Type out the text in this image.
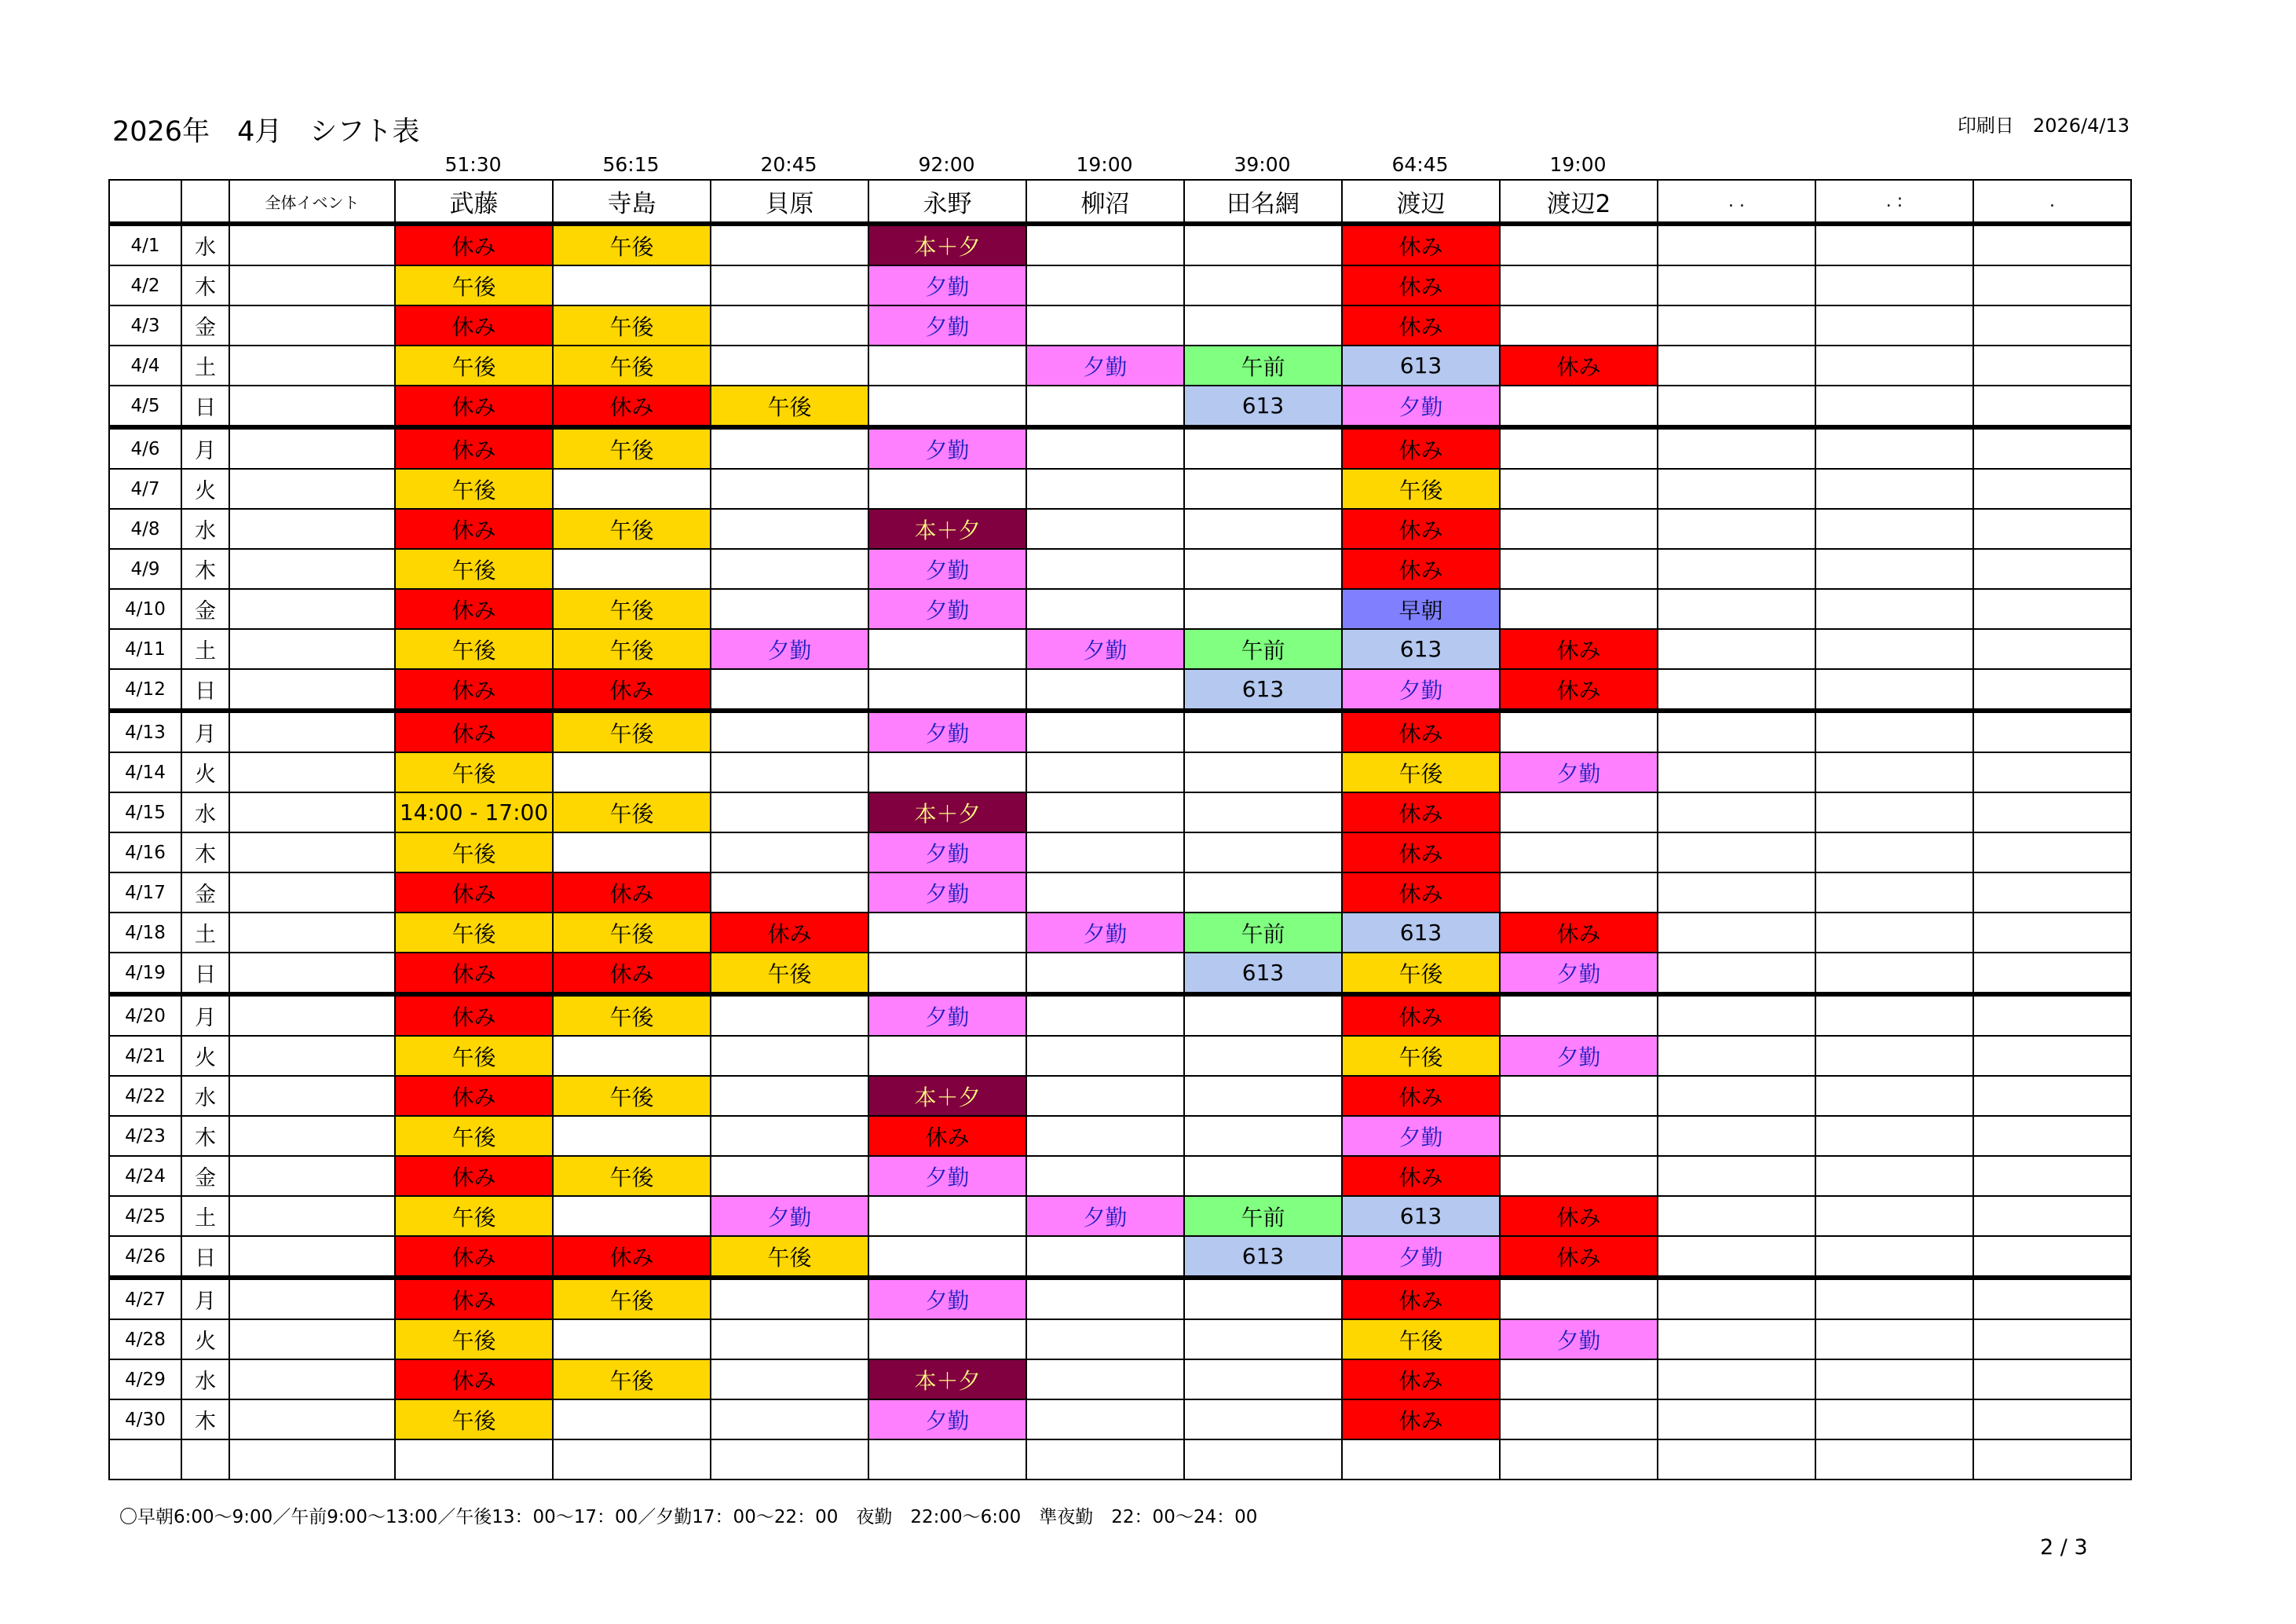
2026年　4月　シフト表	印刷日　2026/4/13
51:30	56:15	20:45	92:00	19:00	39:00	64:45	19:00
		全体イベント	武藤	寺島	貝原	永野	柳沼	田名網	渡辺	渡辺2	. .	. :	.
4/1	水		休み	午後		本＋夕			休み				
4/2	木		午後			夕勤			休み				
4/3	金		休み	午後		夕勤			休み				
4/4	土		午後	午後			夕勤	午前	613	休み			
4/5	日		休み	休み	午後			613	夕勤				
4/6	月		休み	午後		夕勤			休み				
4/7	火		午後						午後				
4/8	水		休み	午後		本＋夕			休み				
4/9	木		午後			夕勤			休み				
4/10	金		休み	午後		夕勤			早朝				
4/11	土		午後	午後	夕勤		夕勤	午前	613	休み			
4/12	日		休み	休み				613	夕勤	休み			
4/13	月		休み	午後		夕勤			休み				
4/14	火		午後						午後	夕勤			
4/15	水		14:00 - 17:00	午後		本＋夕			休み				
4/16	木		午後			夕勤			休み				
4/17	金		休み	休み		夕勤			休み				
4/18	土		午後	午後	休み		夕勤	午前	613	休み			
4/19	日		休み	休み	午後			613	午後	夕勤			
4/20	月		休み	午後		夕勤			休み				
4/21	火		午後						午後	夕勤			
4/22	水		休み	午後		本＋夕			休み				
4/23	木		午後			休み			夕勤				
4/24	金		休み	午後		夕勤			休み				
4/25	土		午後		夕勤		夕勤	午前	613	休み			
4/26	日		休み	休み	午後			613	夕勤	休み			
4/27	月		休み	午後		夕勤			休み				
4/28	火		午後						午後	夕勤			
4/29	水		休み	午後		本＋夕			休み				
4/30	木		午後			夕勤			休み				

〇早朝6:00～9:00／午前9:00～13:00／午後13：00～17：00／夕勤17：00～22：00　夜勤　22:00～6:00　準夜勤　22：00～24：00
2 / 3
